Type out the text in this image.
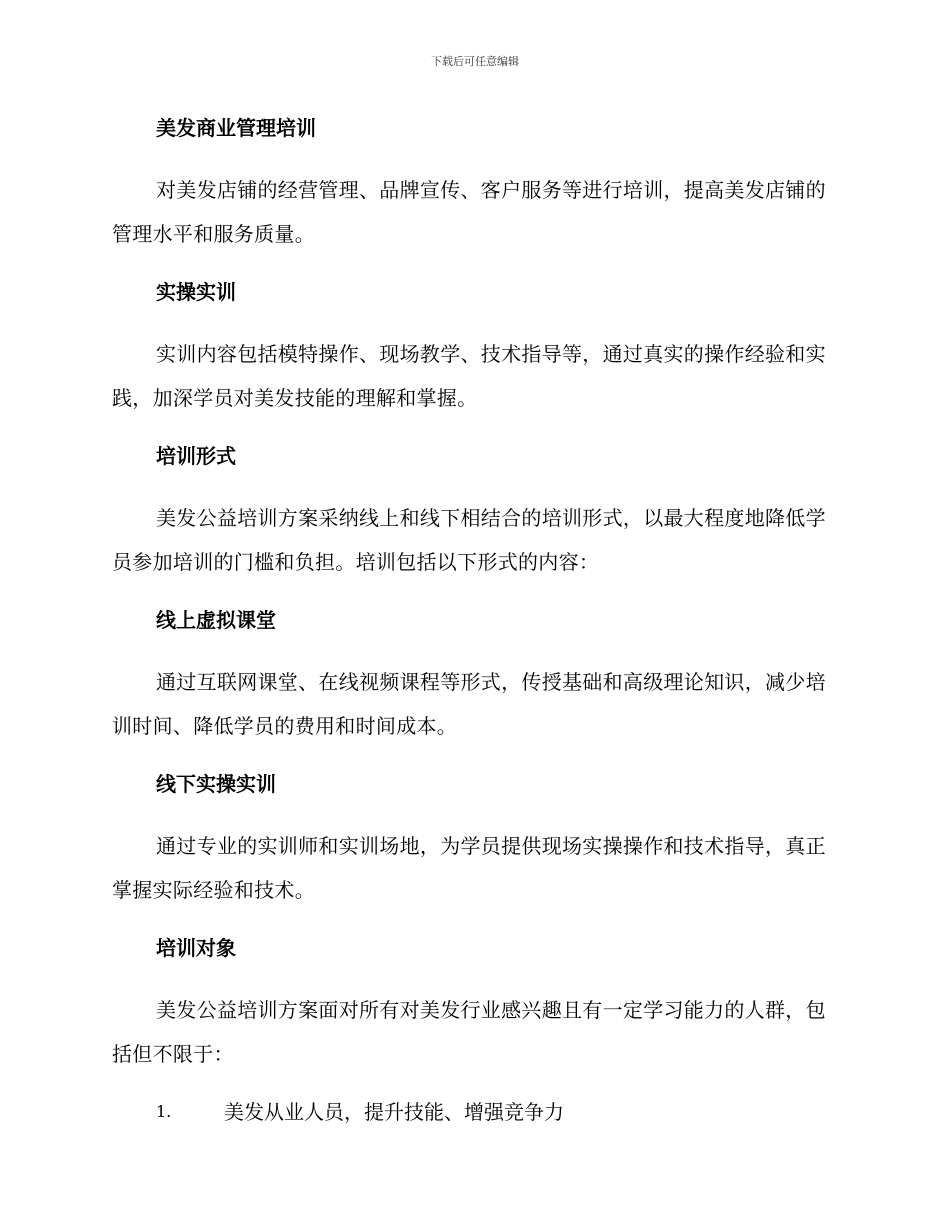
下载后可任意编辑
美发商业管理培训

对美发店铺的经营管理、品牌宣传、客户服务等进行培训，提高美发店铺的管理水平和服务质量。

实操实训

实训内容包括模特操作、现场教学、技术指导等，通过真实的操作经验和实践，加深学员对美发技能的理解和掌握。

培训形式

美发公益培训方案采纳线上和线下相结合的培训形式，以最大程度地降低学员参加培训的门槛和负担。培训包括以下形式的内容：

线上虚拟课堂

通过互联网课堂、在线视频课程等形式，传授基础和高级理论知识，减少培训时间、降低学员的费用和时间成本。

线下实操实训

通过专业的实训师和实训场地，为学员提供现场实操操作和技术指导，真正掌握实际经验和技术。

培训对象

美发公益培训方案面对所有对美发行业感兴趣且有一定学习能力的人群，包括但不限于：

1.	美发从业人员，提升技能、增强竞争力
